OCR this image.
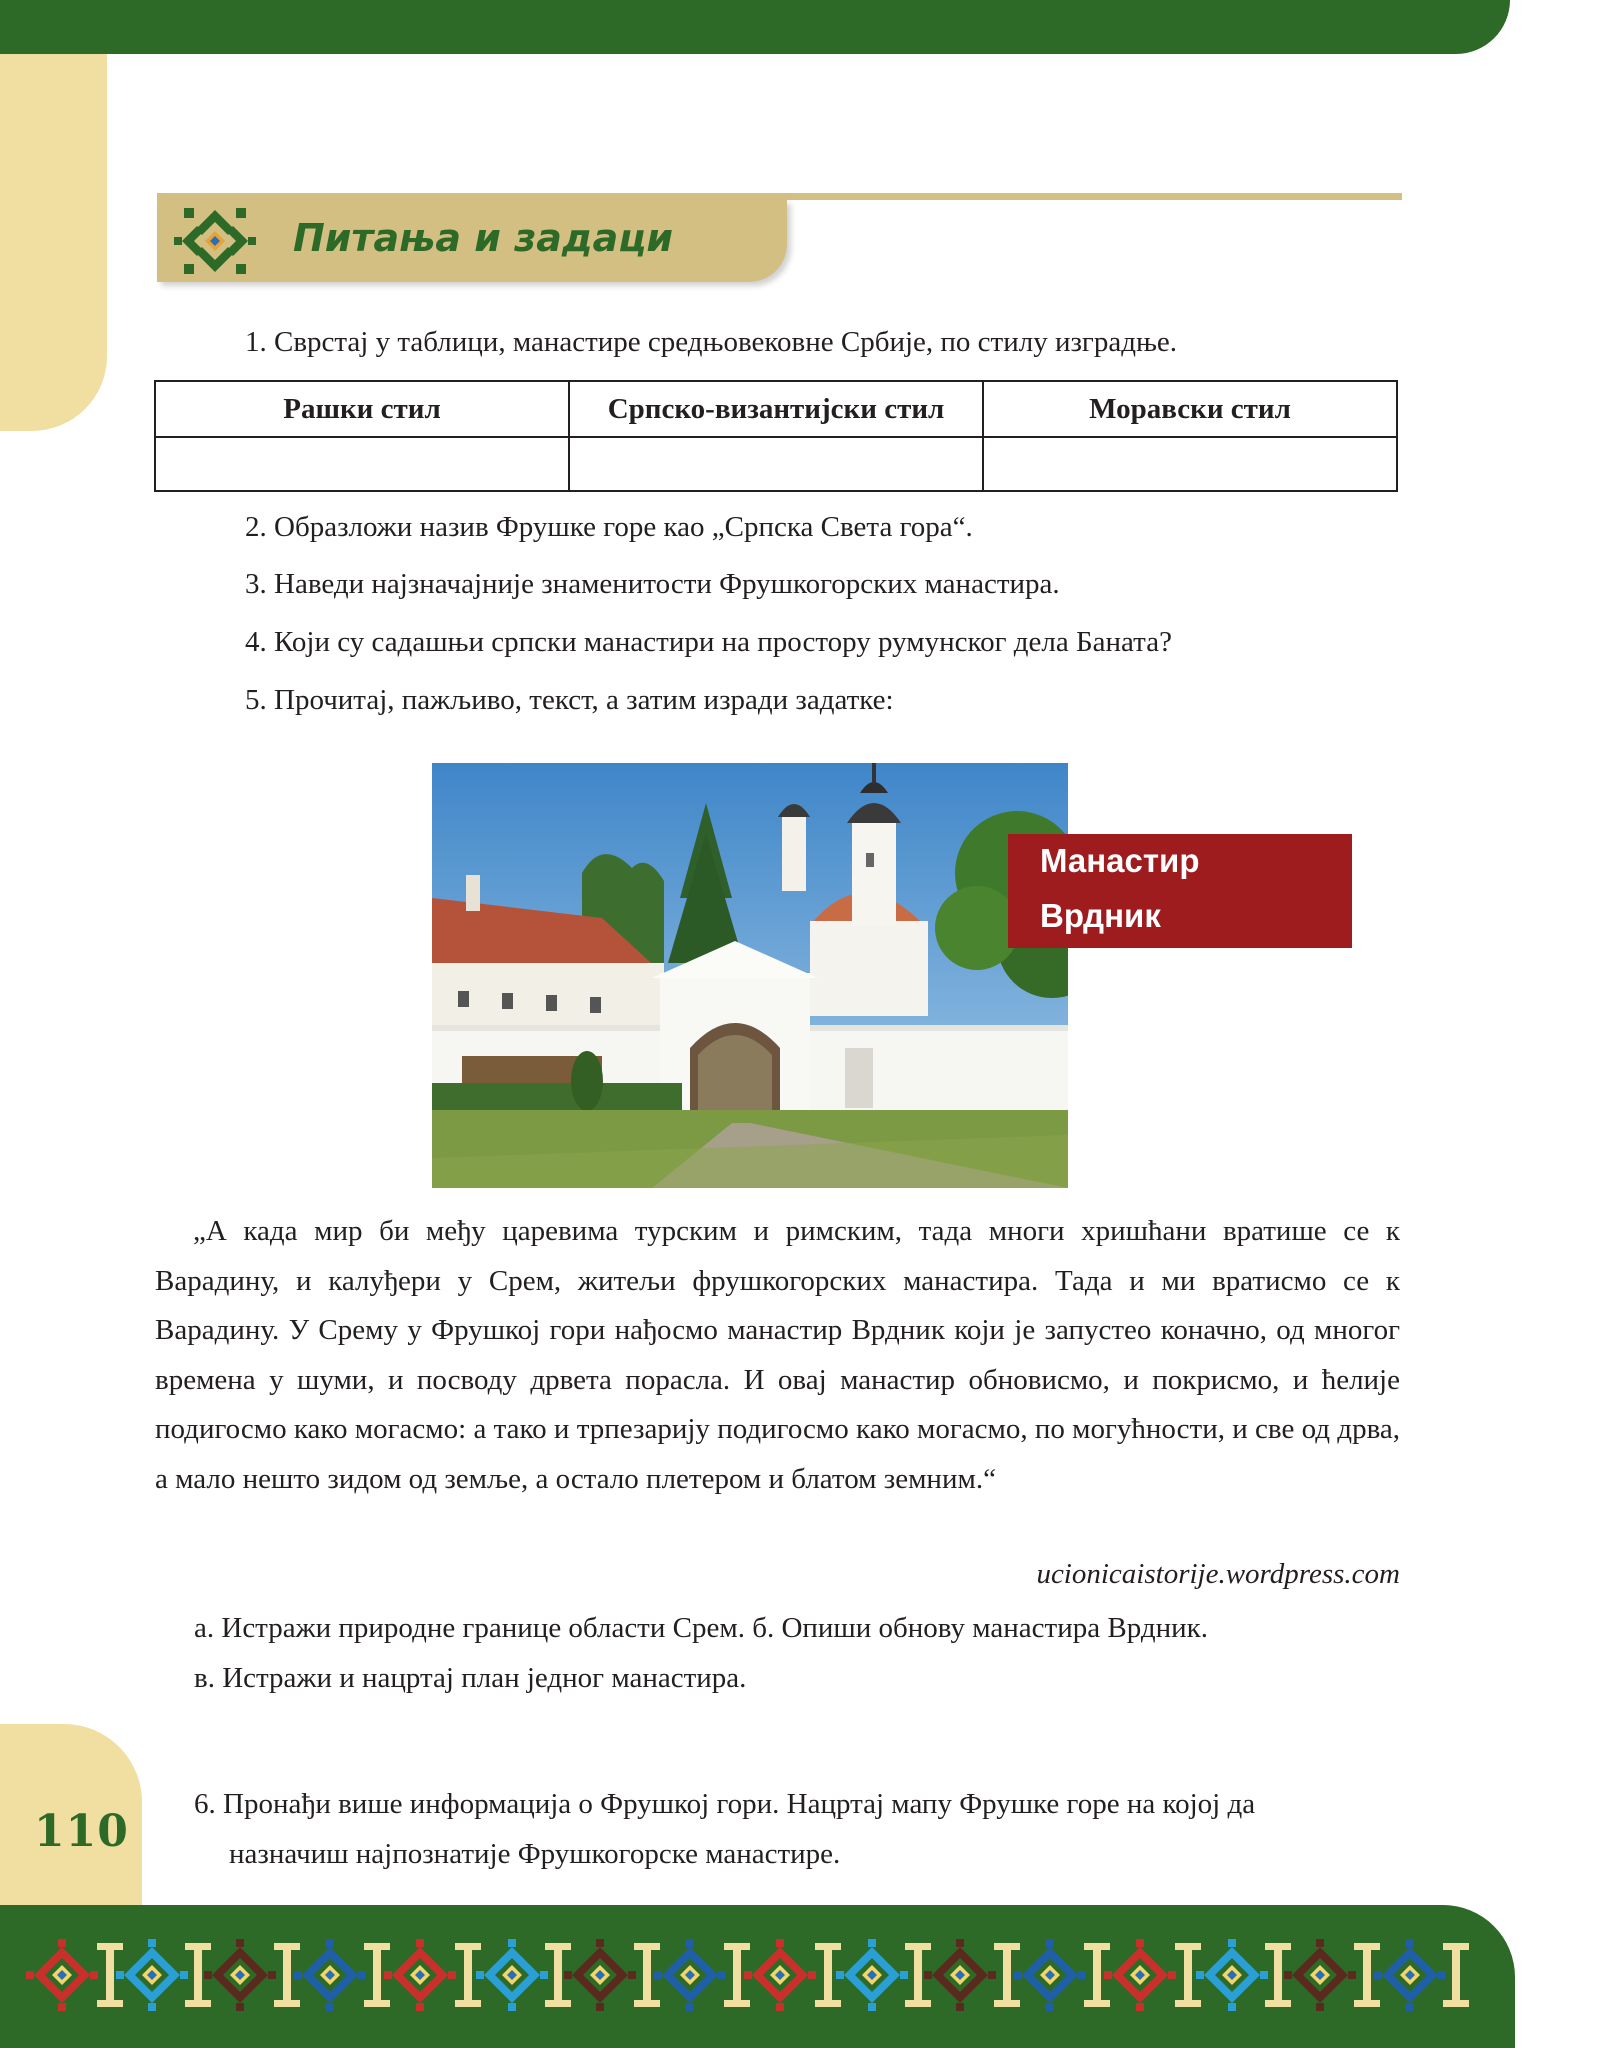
110
Питања и задаци
1. Сврстај у таблици, манастире средњовековне Србије, по стилу изградње.
Рашки стил	Српско-византијски стил	Моравски стил

2. Образложи назив Фрушке горе као „Српска Света гора“.
3. Наведи најзначајније знаменитости Фрушкогорских манастира.
4. Који су садашњи српски манастири на простору румунског дела Баната?
5. Прочитај, пажљиво, текст, а затим изради задатке:
Манастир
Врдник

„А када мир би међу царевима турским и римским, тада многи хришћани вратише се к Варадину, и калуђери у Срем, житељи фрушкогорских манастира. Тада и ми вратисмо се к Варадину. У Срему у Фрушкој гори нађосмо манастир Врдник који је запустео коначно, од многог времена у шуми, и посводу дрвета порасла. И овај манастир обновисмо, и покрисмо, и ћелије подигосмо како могасмо: а тако и трпезарију подигосмо како могасмо, по могућности, и све од дрва, а мало нешто зидом од земље, а остало плетером и блатом земним.“

ucionicaistorije.wordpress.com
а. Истражи природне границе области Срем. б. Опиши обнову манастира Врдник.
в. Истражи и нацртај план једног манастира.
6. Пронађи више информација о Фрушкој гори. Нацртај мапу Фрушке горе на којој да
назначиш најпознатије Фрушкогорске манастире.
